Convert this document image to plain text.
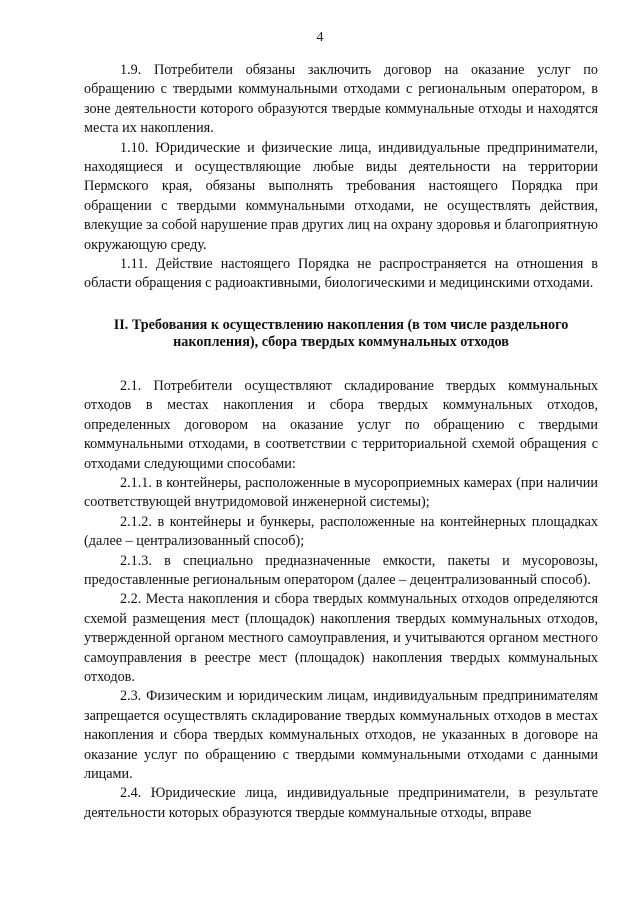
4

1.9. Потребители обязаны заключить договор на оказание услуг по обращению с твердыми коммунальными отходами с региональным оператором, в зоне деятельности которого образуются твердые коммунальные отходы и находятся места их накопления.

1.10. Юридические и физические лица, индивидуальные предприниматели, находящиеся и осуществляющие любые виды деятельности на территории Пермского края, обязаны выполнять требования настоящего Порядка при обращении с твердыми коммунальными отходами, не осуществлять действия, влекущие за собой нарушение прав других лиц на охрану здоровья и благоприятную окружающую среду.

1.11. Действие настоящего Порядка не распространяется на отношения в области обращения с радиоактивными, биологическими и медицинскими отходами.

II. Требования к осуществлению накопления (в том числе раздельного
накопления), сбора твердых коммунальных отходов

2.1. Потребители осуществляют складирование твердых коммунальных отходов в местах накопления и сбора твердых коммунальных отходов, определенных договором на оказание услуг по обращению с твердыми коммунальными отходами, в соответствии с территориальной схемой обращения с отходами следующими способами:

2.1.1. в контейнеры, расположенные в мусороприемных камерах (при наличии соответствующей внутридомовой инженерной системы);

2.1.2. в контейнеры и бункеры, расположенные на контейнерных площадках (далее – централизованный способ);

2.1.3. в специально предназначенные емкости, пакеты и мусоровозы, предоставленные региональным оператором (далее – децентрализованный способ).

2.2. Места накопления и сбора твердых коммунальных отходов определяются схемой размещения мест (площадок) накопления твердых коммунальных отходов, утвержденной органом местного самоуправления, и учитываются органом местного самоуправления в реестре мест (площадок) накопления твердых коммунальных отходов.

2.3. Физическим и юридическим лицам, индивидуальным предпринимателям запрещается осуществлять складирование твердых коммунальных отходов в местах накопления и сбора твердых коммунальных отходов, не указанных в договоре на оказание услуг по обращению с твердыми коммунальными отходами с данными лицами.

2.4. Юридические лица, индивидуальные предприниматели, в результате деятельности которых образуются твердые коммунальные отходы, вправе
